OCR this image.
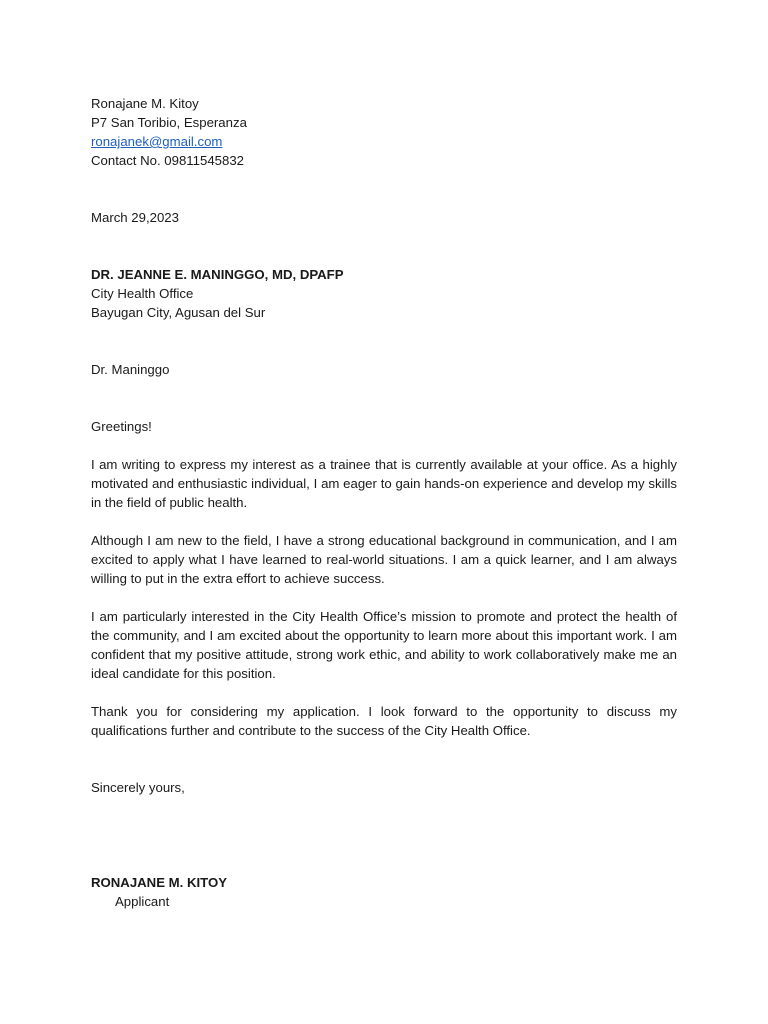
Ronajane M. Kitoy
P7 San Toribio, Esperanza
ronajanek@gmail.com
Contact No. 09811545832
March 29,2023
DR. JEANNE E. MANINGGO, MD, DPAFP
City Health Office
Bayugan City, Agusan del Sur
Dr. Maninggo
Greetings!

I am writing to express my interest as a trainee that is currently available at your office. As a highly motivated and enthusiastic individual, I am eager to gain hands-on experience and develop my skills in the field of public health.

Although I am new to the field, I have a strong educational background in communication, and I am excited to apply what I have learned to real-world situations. I am a quick learner, and I am always willing to put in the extra effort to achieve success.

I am particularly interested in the City Health Office’s mission to promote and protect the health of the community, and I am excited about the opportunity to learn more about this important work. I am confident that my positive attitude, strong work ethic, and ability to work collaboratively make me an ideal candidate for this position.

Thank you for considering my application. I look forward to the opportunity to discuss my qualifications further and contribute to the success of the City Health Office.

Sincerely yours,
RONAJANE M. KITOY
Applicant
